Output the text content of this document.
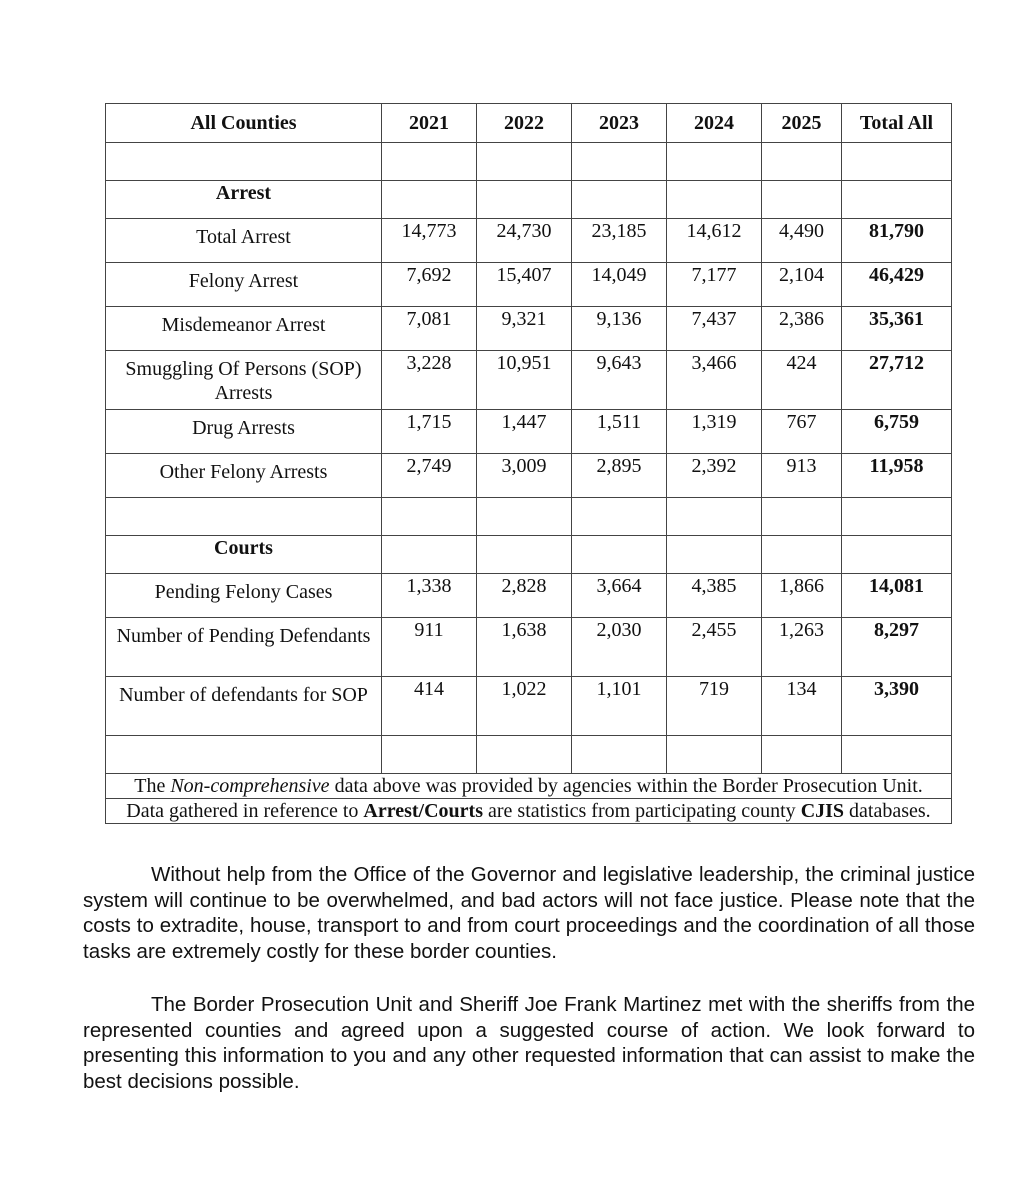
All Counties	2021	2022	2023	2024	2025	Total All

Arrest						
Total Arrest	14,773	24,730	23,185	14,612	4,490	81,790
Felony Arrest	7,692	15,407	14,049	7,177	2,104	46,429
Misdemeanor Arrest	7,081	9,321	9,136	7,437	2,386	35,361
Smuggling Of Persons (SOP) Arrests	3,228	10,951	9,643	3,466	424	27,712
Drug Arrests	1,715	1,447	1,511	1,319	767	6,759
Other Felony Arrests	2,749	3,009	2,895	2,392	913	11,958

Courts						
Pending Felony Cases	1,338	2,828	3,664	4,385	1,866	14,081
Number of Pending Defendants	911	1,638	2,030	2,455	1,263	8,297
Number of defendants for SOP	414	1,022	1,101	719	134	3,390

The Non-comprehensive data above was provided by agencies within the Border Prosecution Unit.						
Data gathered in reference to Arrest/Courts are statistics from participating county CJIS databases.						

Without help from the Office of the Governor and legislative leadership, the criminal justice system will continue to be overwhelmed, and bad actors will not face justice. Please note that the costs to extradite, house, transport to and from court proceedings and the coordination of all those tasks are extremely costly for these border counties.

The Border Prosecution Unit and Sheriff Joe Frank Martinez met with the sheriffs from the represented counties and agreed upon a suggested course of action. We look forward to presenting this information to you and any other requested information that can assist to make the best decisions possible.
